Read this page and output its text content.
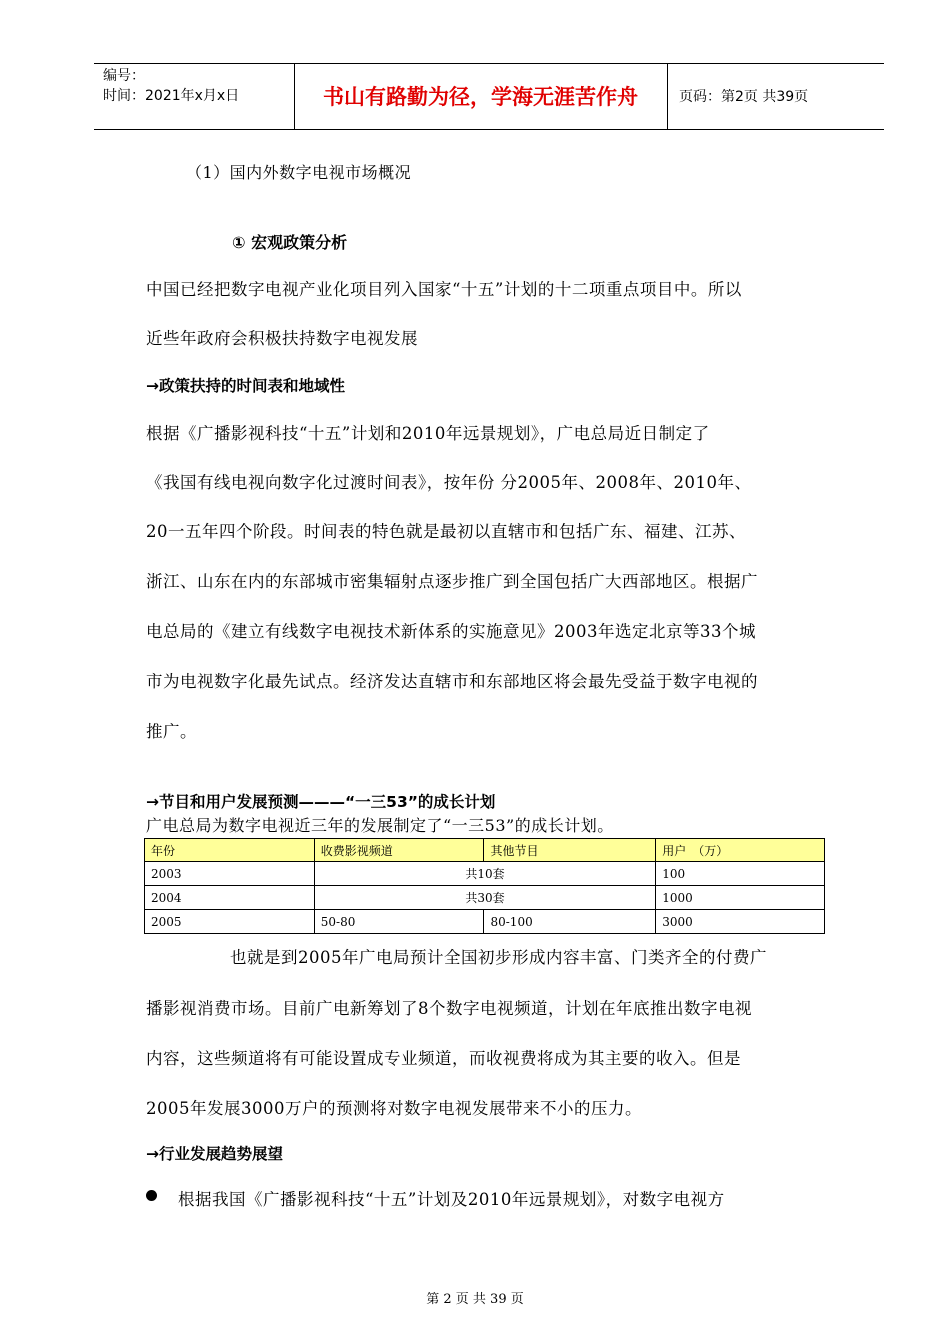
编号：
时间：2021年x月x日	书山有路勤为径，学海无涯苦作舟	页码：第2页 共39页
（1）国内外数字电视市场概况
① 宏观政策分析
中国已经把数字电视产业化项目列入国家“十五”计划的十二项重点项目中。所以
近些年政府会积极扶持数字电视发展
→政策扶持的时间表和地域性
根据《广播影视科技“十五”计划和2010年远景规划》，广电总局近日制定了
《我国有线电视向数字化过渡时间表》，按年份 分2005年、2008年、2010年、
20一五年四个阶段。时间表的特色就是最初以直辖市和包括广东、福建、江苏、
浙江、山东在内的东部城市密集辐射点逐步推广到全国包括广大西部地区。根据广
电总局的《建立有线数字电视技术新体系的实施意见》2003年选定北京等33个城
市为电视数字化最先试点。经济发达直辖市和东部地区将会最先受益于数字电视的
推广。
→节目和用户发展预测———“一三53”的成长计划
广电总局为数字电视近三年的发展制定了“一三53”的成长计划。
年份	收费影视频道	其他节目	用户　（万）
2003	共10套		100
2004	共30套		1000
2005	50-80	80-100	3000
也就是到2005年广电局预计全国初步形成内容丰富、门类齐全的付费广
播影视消费市场。目前广电新筹划了8个数字电视频道，计划在年底推出数字电视
内容，这些频道将有可能设置成专业频道，而收视费将成为其主要的收入。但是
2005年发展3000万户的预测将对数字电视发展带来不小的压力。
→行业发展趋势展望
根据我国《广播影视科技“十五”计划及2010年远景规划》，对数字电视方
第 2 页 共 39 页
